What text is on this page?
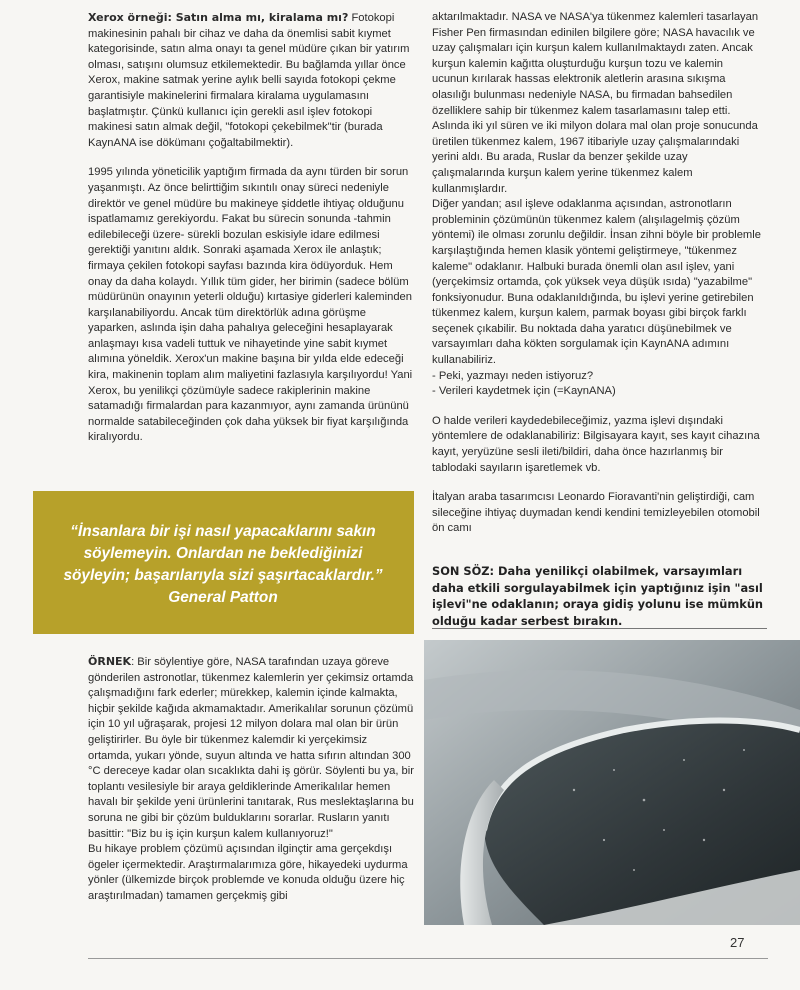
Xerox örneği: Satın alma mı, kiralama mı? Fotokopi makinesinin pahalı bir cihaz ve daha da önemlisi sabit kıymet kategorisinde, satın alma onayı ta genel müdüre çıkan bir yatırım olması, satışını olumsuz etkilemektedir. Bu bağlamda yıllar önce Xerox, makine satmak yerine aylık belli sayıda fotokopi çekme garantisiyle makinelerini firmalara kiralama uygulamasını başlatmıştır. Çünkü kullanıcı için gerekli asıl işlev fotokopi makinesi satın almak değil, "fotokopi çekebilmek"tir (burada KaynANA ise dökümanı çoğaltabilmektir).

1995 yılında yöneticilik yaptığım firmada da aynı türden bir sorun yaşanmıştı. Az önce belirttiğim sıkıntılı onay süreci nedeniyle direktör ve genel müdüre bu makineye şiddetle ihtiyaç olduğunu ispatlamamız gerekiyordu. Fakat bu sürecin sonunda -tahmin edilebileceği üzere- sürekli bozulan eskisiyle idare edilmesi gerektiği yanıtını aldık. Sonraki aşamada Xerox ile anlaştık; firmaya çekilen fotokopi sayfası bazında kira ödüyorduk. Hem onay da daha kolaydı. Yıllık tüm gider, her birimin (sadece bölüm müdürünün onayının yeterli olduğu) kırtasiye giderleri kaleminden karşılanabiliyordu. Ancak tüm direktörlük adına görüşme yaparken, aslında işin daha pahalıya geleceğini hesaplayarak anlaşmayı kısa vadeli tuttuk ve nihayetinde yine sabit kıymet alımına yöneldik. Xerox'un makine başına bir yılda elde edeceği kira, makinenin toplam alım maliyetini fazlasıyla karşılıyordu! Yani Xerox, bu yenilikçi çözümüyle sadece rakiplerinin makine satamadığı firmalardan para kazanmıyor, aynı zamanda ürününü normalde satabileceğinden çok daha yüksek bir fiyat karşılığında kiralıyordu.

“İnsanlara bir işi nasıl yapacaklarını sakın söylemeyin. Onlardan ne beklediğinizi söyleyin; başarılarıyla sizi şaşırtacaklardır.” General Patton

ÖRNEK: Bir söylentiye göre, NASA tarafından uzaya göreve gönderilen astronotlar, tükenmez kalemlerin yer çekimsiz ortamda çalışmadığını fark ederler; mürekkep, kalemin içinde kalmakta, hiçbir şekilde kağıda akmamaktadır. Amerikalılar sorunun çözümü için 10 yıl uğraşarak, projesi 12 milyon dolara mal olan bir ürün geliştirirler. Bu öyle bir tükenmez kalemdir ki yerçekimsiz ortamda, yukarı yönde, suyun altında ve hatta sıfırın altından 300 °C dereceye kadar olan sıcaklıkta dahi iş görür. Söylenti bu ya, bir toplantı vesilesiyle bir araya geldiklerinde Amerikalılar hemen havalı bir şekilde yeni ürünlerini tanıtarak, Rus meslektaşlarına bu soruna ne gibi bir çözüm bulduklarını sorarlar. Rusların yanıtı basittir: "Biz bu iş için kurşun kalem kullanıyoruz!"

Bu hikaye problem çözümü açısından ilginçtir ama gerçekdışı ögeler içermektedir. Araştırmalarımıza göre, hikayedeki uydurma yönler (ülkemizde birçok problemde ve konuda olduğu üzere hiç araştırılmadan) tamamen gerçekmiş gibi

aktarılmaktadır. NASA ve NASA'ya tükenmez kalemleri tasarlayan Fisher Pen firmasından edinilen bilgilere göre; NASA havacılık ve uzay çalışmaları için kurşun kalem kullanılmaktaydı zaten. Ancak kurşun kalemin kağıtta oluşturduğu kurşun tozu ve kalemin ucunun kırılarak hassas elektronik aletlerin arasına sıkışma olasılığı bulunması nedeniyle NASA, bu firmadan bahsedilen özelliklere sahip bir tükenmez kalem tasarlamasını talep etti. Aslında iki yıl süren ve iki milyon dolara mal olan proje sonucunda üretilen tükenmez kalem, 1967 itibariyle uzay çalışmalarındaki yerini aldı. Bu arada, Ruslar da benzer şekilde uzay çalışmalarında kurşun kalem yerine tükenmez kalem kullanmışlardır.

Diğer yandan; asıl işleve odaklanma açısından, astronotların probleminin çözümünün tükenmez kalem (alışılagelmiş çözüm yöntemi) ile olması zorunlu değildir. İnsan zihni böyle bir problemle karşılaştığında hemen klasik yöntemi geliştirmeye, "tükenmez kaleme" odaklanır. Halbuki burada önemli olan asıl işlev, yani (yerçekimsiz ortamda, çok yüksek veya düşük ısıda) "yazabilme" fonksiyonudur. Buna odaklanıldığında, bu işlevi yerine getirebilen tükenmez kalem, kurşun kalem, parmak boyası gibi birçok farklı seçenek çıkabilir. Bu noktada daha yaratıcı düşünebilmek ve varsayımları daha kökten sorgulamak için KaynANA adımını kullanabiliriz.

- Peki, yazmayı neden istiyoruz?

- Verileri kaydetmek için (=KaynANA)

O halde verileri kaydedebileceğimiz, yazma işlevi dışındaki yöntemlere de odaklanabiliriz: Bilgisayara kayıt, ses kayıt cihazına kayıt, yeryüzüne sesli ileti/bildiri, daha önce hazırlanmış bir tablodaki sayıların işaretlemek vb.

İtalyan araba tasarımcısı Leonardo Fioravanti'nin geliştirdiği, cam sileceğine ihtiyaç duymadan kendi kendini temizleyebilen otomobil ön camı

SON SÖZ: Daha yenilikçi olabilmek, varsayımları daha etkili sorgulayabilmek için yaptığınız işin "asıl işlevi"ne odaklanın; oraya gidiş yolunu ise mümkün olduğu kadar serbest bırakın.
27
